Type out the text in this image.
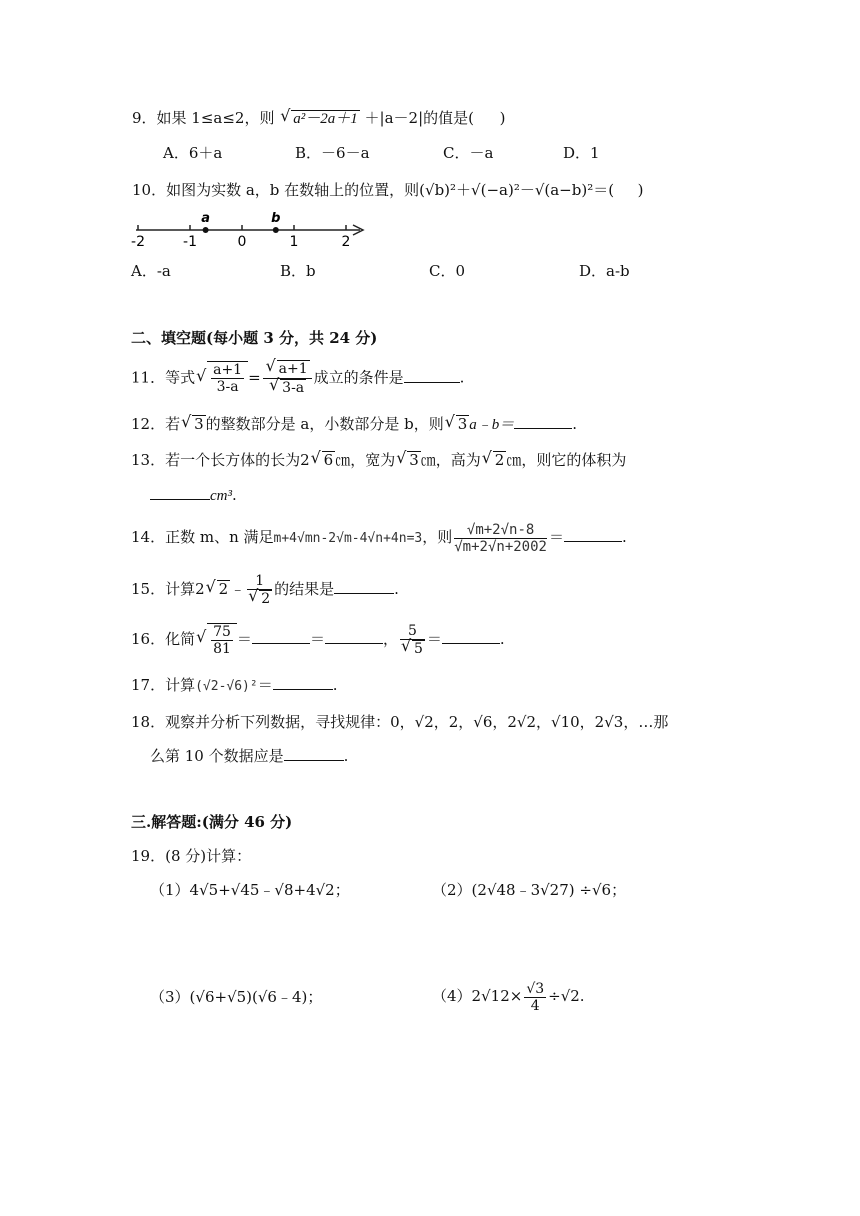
9．如果 1≤a≤2，则 √ a²－2a＋1 ＋|a－2|的值是( )
A．6＋a	B．－6－a	C．－a	D．1
10．如图为实数 a，b 在数轴上的位置，则(√b)²＋√(−a)²－√(a−b)²＝( )
-2	-1	0	1	2
a	b
A．-a	B．b	C．0	D．a-b
二、填空题(每小题 3 分，共 24 分)
11．等式 √ $\frac{a+1}{3-a}$ = √ a+1
√ 3-a 成立的条件是	.
12．若 √ 3 的整数部分是 a，小数部分是 b，则 √ 3 a﹣b＝	.
13．若一个长方体的长为2 √ 6 ㎝，宽为 √ 3 ㎝，高为 √ 2 ㎝，则它的体积为
cm³.
14．正数 m、n 满足m+4√mn-2√m-4√n+4n=3，则 $\frac{√m+2√n-8}{√m+2√n+2002}$ ＝	.
15．计算2 √ 2 ﹣ 1
√ 2 的结果是	.
16．化简 √ $\frac{75}{81}$ ＝	＝	， 5
√ 5 ＝	.
17．计算(√2-√6)²＝	.
18．观察并分析下列数据，寻找规律：0，√2，2，√6，2√2，√10，2√3，…那
么第 10 个数据应是	.
三.解答题:(满分 46 分)
19．(8 分)计算：
（1）4√5+√45﹣√8+4√2；	（2）(2√48﹣3√27) ÷√6；
（3）(√6+√5)(√6﹣4)；	$(4)2√12\times \frac{√3}{4} \div√2$.
